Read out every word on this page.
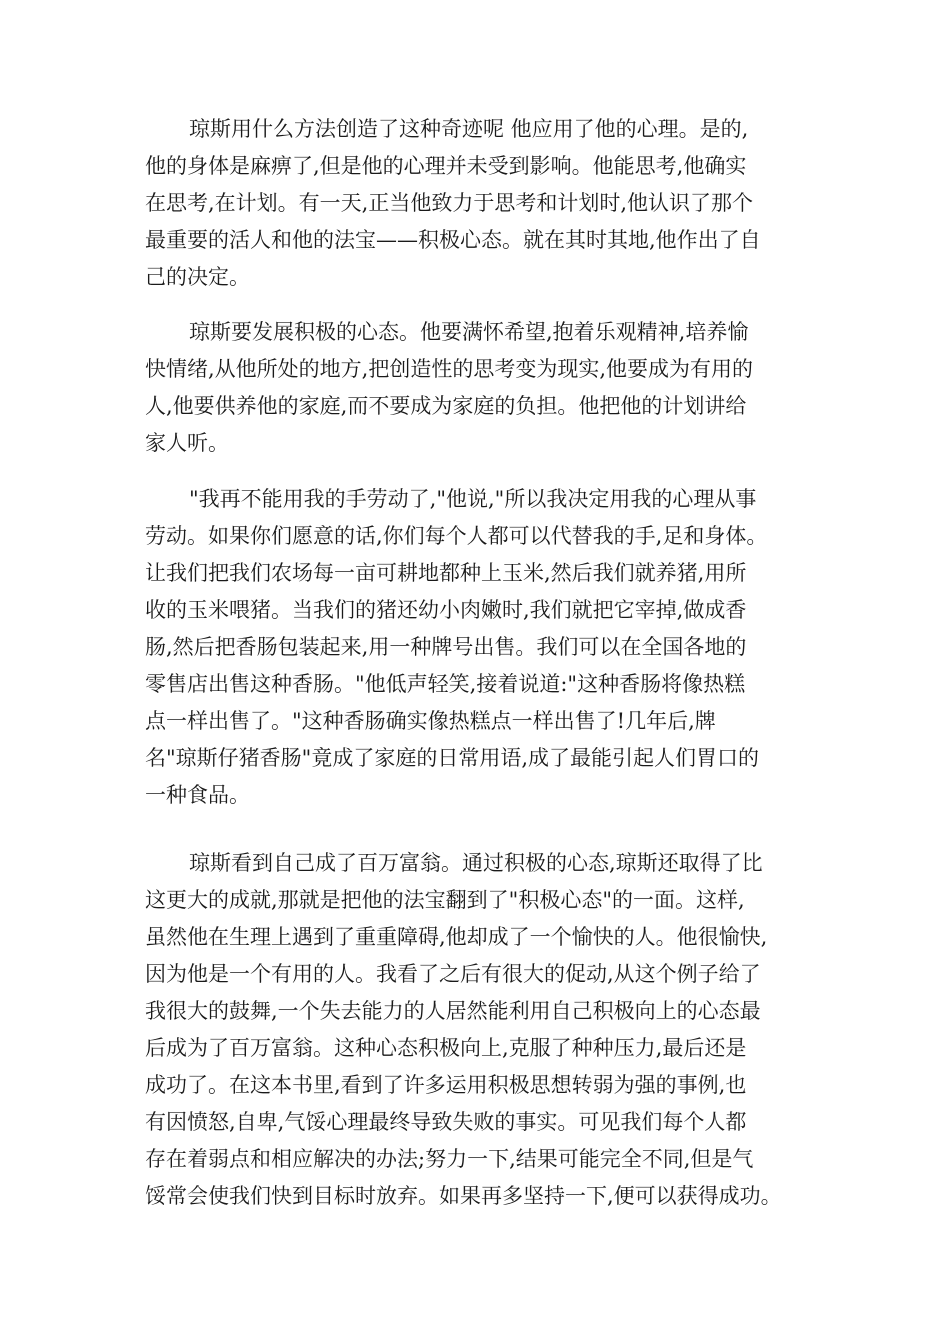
琼斯用什么方法创造了这种奇迹呢 他应用了他的心理。是的,
他的身体是麻痹了,但是他的心理并未受到影响。他能思考,他确实
在思考,在计划。有一天,正当他致力于思考和计划时,他认识了那个
最重要的活人和他的法宝——积极心态。就在其时其地,他作出了自
己的决定。
琼斯要发展积极的心态。他要满怀希望,抱着乐观精神,培养愉
快情绪,从他所处的地方,把创造性的思考变为现实,他要成为有用的
人,他要供养他的家庭,而不要成为家庭的负担。他把他的计划讲给
家人听。
"我再不能用我的手劳动了,"他说,"所以我决定用我的心理从事
劳动。如果你们愿意的话,你们每个人都可以代替我的手,足和身体。
让我们把我们农场每一亩可耕地都种上玉米,然后我们就养猪,用所
收的玉米喂猪。当我们的猪还幼小肉嫩时,我们就把它宰掉,做成香
肠,然后把香肠包装起来,用一种牌号出售。我们可以在全国各地的
零售店出售这种香肠。"他低声轻笑,接着说道:"这种香肠将像热糕
点一样出售了。"这种香肠确实像热糕点一样出售了!几年后,牌
名"琼斯仔猪香肠"竟成了家庭的日常用语,成了最能引起人们胃口的
一种食品。
琼斯看到自己成了百万富翁。通过积极的心态,琼斯还取得了比
这更大的成就,那就是把他的法宝翻到了"积极心态"的一面。这样,
虽然他在生理上遇到了重重障碍,他却成了一个愉快的人。他很愉快,
因为他是一个有用的人。我看了之后有很大的促动,从这个例子给了
我很大的鼓舞,一个失去能力的人居然能利用自己积极向上的心态最
后成为了百万富翁。这种心态积极向上,克服了种种压力,最后还是
成功了。在这本书里,看到了许多运用积极思想转弱为强的事例,也
有因愤怒,自卑,气馁心理最终导致失败的事实。可见我们每个人都
存在着弱点和相应解决的办法;努力一下,结果可能完全不同,但是气
馁常会使我们快到目标时放弃。如果再多坚持一下,便可以获得成功。
